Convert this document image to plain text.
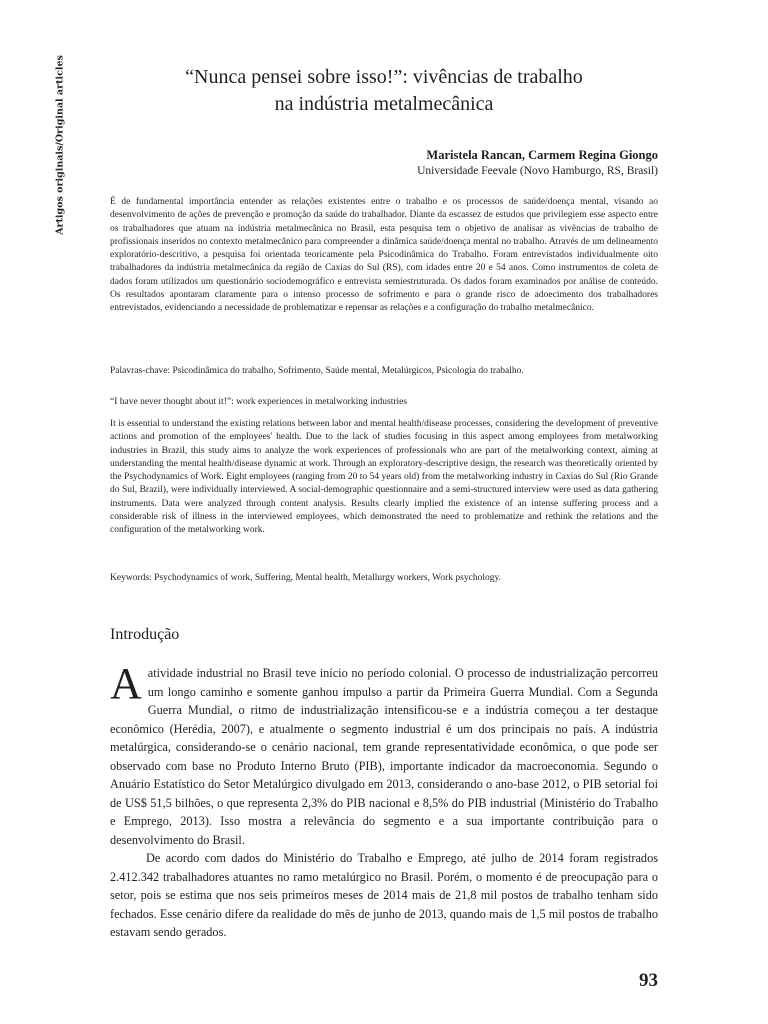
Artigos originais/Original articles	“Nunca pensei sobre isso!”: vivências de trabalho
na indústria metalmecânica
Maristela Rancan, Carmem Regina Giongo
Universidade Feevale (Novo Hamburgo, RS, Brasil)

É de fundamental importância entender as relações existentes entre o trabalho e os processos de saúde/doença mental, visando ao desenvolvimento de ações de prevenção e promoção da saúde do trabalhador. Diante da escassez de estudos que privilegiem esse aspecto entre os trabalhadores que atuam na indústria metalmecânica no Brasil, esta pesquisa tem o objetivo de analisar as vivências de trabalho de profissionais inseridos no contexto metalmecânico para compreender a dinâmica saúde/doença mental no trabalho. Através de um delineamento exploratório-descritivo, a pesquisa foi orientada teoricamente pela Psicodinâmica do Trabalho. Foram entrevistados individualmente oito trabalhadores da indústria metalmecânica da região de Caxias do Sul (RS), com idades entre 20 e 54 anos. Como instrumentos de coleta de dados foram utilizados um questionário sociodemográfico e entrevista semiestruturada. Os dados foram examinados por análise de conteúdo. Os resultados apontaram claramente para o intenso processo de sofrimento e para o grande risco de adoecimento dos trabalhadores entrevistados, evidenciando a necessidade de problematizar e repensar as relações e a configuração do trabalho metalmecânico.

Palavras-chave: Psicodinâmica do trabalho, Sofrimento, Saúde mental, Metalúrgicos, Psicologia do trabalho.
“I have never thought about it!”: work experiences in metalworking industries

It is essential to understand the existing relations between labor and mental health/disease processes, considering the development of preventive actions and promotion of the employees' health. Due to the lack of studies focusing in this aspect among employees from metalworking industries in Brazil, this study aims to analyze the work experiences of professionals who are part of the metalworking context, aiming at understanding the mental health/disease dynamic at work. Through an exploratory-descriptive design, the research was theoretically oriented by the Psychodynamics of Work. Eight employees (ranging from 20 to 54 years old) from the metalworking industry in Caxias do Sul (Rio Grande do Sul, Brazil), were individually interviewed. A social-demographic questionnaire and a semi-structured interview were used as data gathering instruments. Data were analyzed through content analysis. Results clearly implied the existence of an intense suffering process and a considerable risk of illness in the interviewed employees, which demonstrated the need to problematize and rethink the relations and the configuration of the metalworking work.

Keywords: Psychodynamics of work, Suffering, Mental health, Metallurgy workers, Work psychology.
Introdução

A atividade industrial no Brasil teve início no período colonial. O processo de industrialização percorreu um longo caminho e somente ganhou impulso a partir da Primeira Guerra Mundial. Com a Segunda Guerra Mundial, o ritmo de industrialização intensificou-se e a indústria começou a ter destaque econômico (Herédia, 2007), e atualmente o segmento industrial é um dos principais no país. A indústria metalúrgica, considerando-se o cenário nacional, tem grande representatividade econômica, o que pode ser observado com base no Produto Interno Bruto (PIB), importante indicador da macroeconomia. Segundo o Anuário Estatístico do Setor Metalúrgico divulgado em 2013, considerando o ano-base 2012, o PIB setorial foi de US$ 51,5 bilhões, o que representa 2,3% do PIB nacional e 8,5% do PIB industrial (Ministério do Trabalho e Emprego, 2013). Isso mostra a relevância do segmento e a sua importante contribuição para o desenvolvimento do Brasil.

De acordo com dados do Ministério do Trabalho e Emprego, até julho de 2014 foram registrados 2.412.342 trabalhadores atuantes no ramo metalúrgico no Brasil. Porém, o momento é de preocupação para o setor, pois se estima que nos seis primeiros meses de 2014 mais de 21,8 mil postos de trabalho tenham sido fechados. Esse cenário difere da realidade do mês de junho de 2013, quando mais de 1,5 mil postos de trabalho estavam sendo gerados.

93
